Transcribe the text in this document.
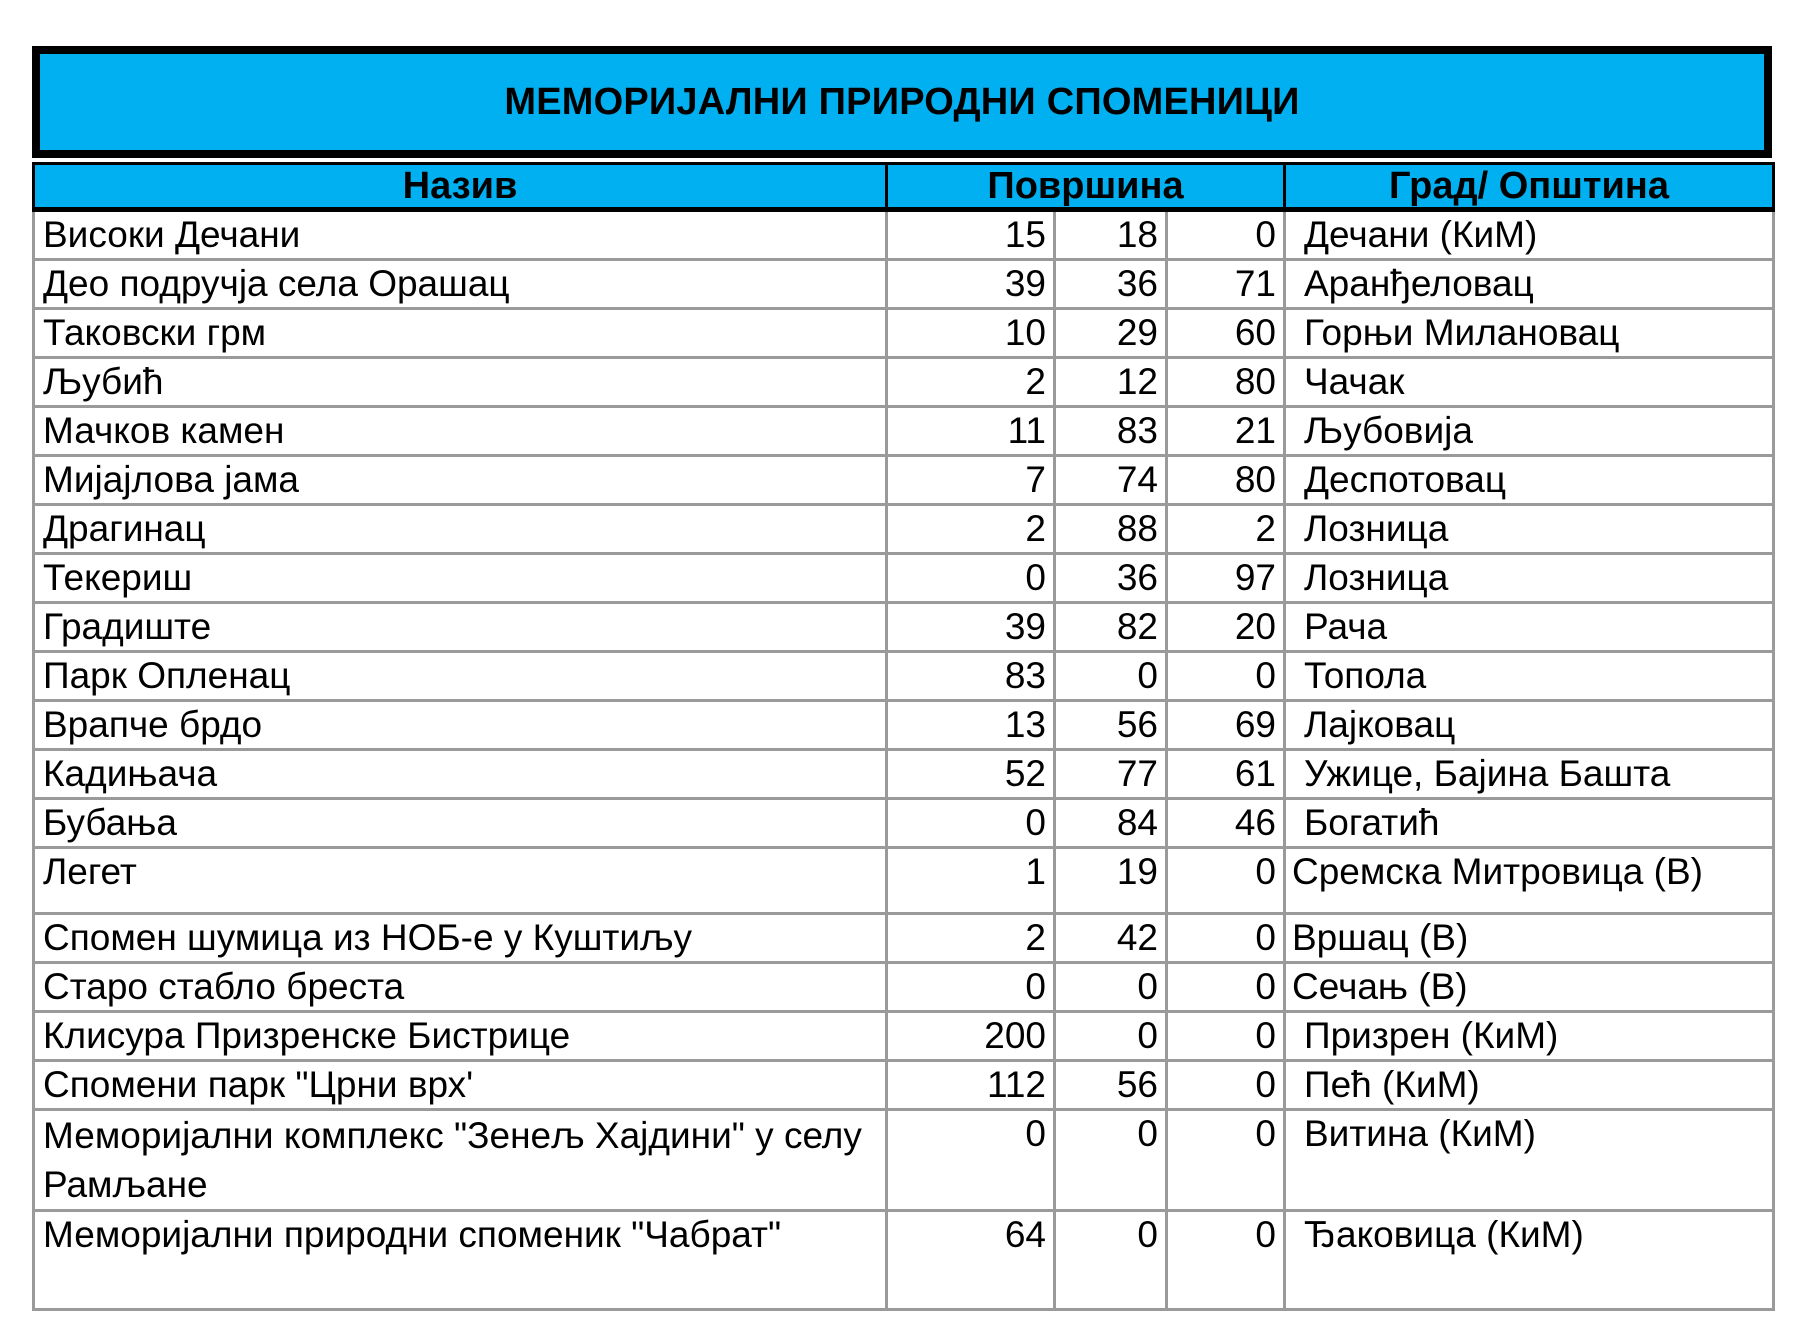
МЕМОРИЈАЛНИ ПРИРОДНИ СПОМЕНИЦИ
Назив	Површина			Град/ Општина
Високи Дечани	15	18	0	Дечани (КиМ)
Део подручја села Орашац	39	36	71	Аранђеловац
Таковски грм	10	29	60	Горњи Милановац
Љубић	2	12	80	Чачак
Мачков камен	11	83	21	Љубовија
Мијајлова јама	7	74	80	Деспотовац
Драгинац	2	88	2	Лозница
Текериш	0	36	97	Лозница
Градиште	39	82	20	Рача
Парк Опленац	83	0	0	Топола
Врапче брдо	13	56	69	Лајковац
Кадињача	52	77	61	Ужице, Бајина Башта
Бубања	0	84	46	Богатић
Легет	1	19	0	Сремска Митровица (В)
Спомен шумица из НОБ-е у Куштиљу	2	42	0	Вршац (В)
Старо стабло бреста	0	0	0	Сечањ (В)
Клисура Призренске Бистрице	200	0	0	Призрен (КиМ)
Спомени парк "Црни врх'	112	56	0	Пећ (КиМ)
Меморијални комплекс "Зенељ Хајдини" у селу Рамљане	0	0	0	Витина (КиМ)
Меморијални природни споменик "Чабрат"	64	0	0	Ђаковица (КиМ)
